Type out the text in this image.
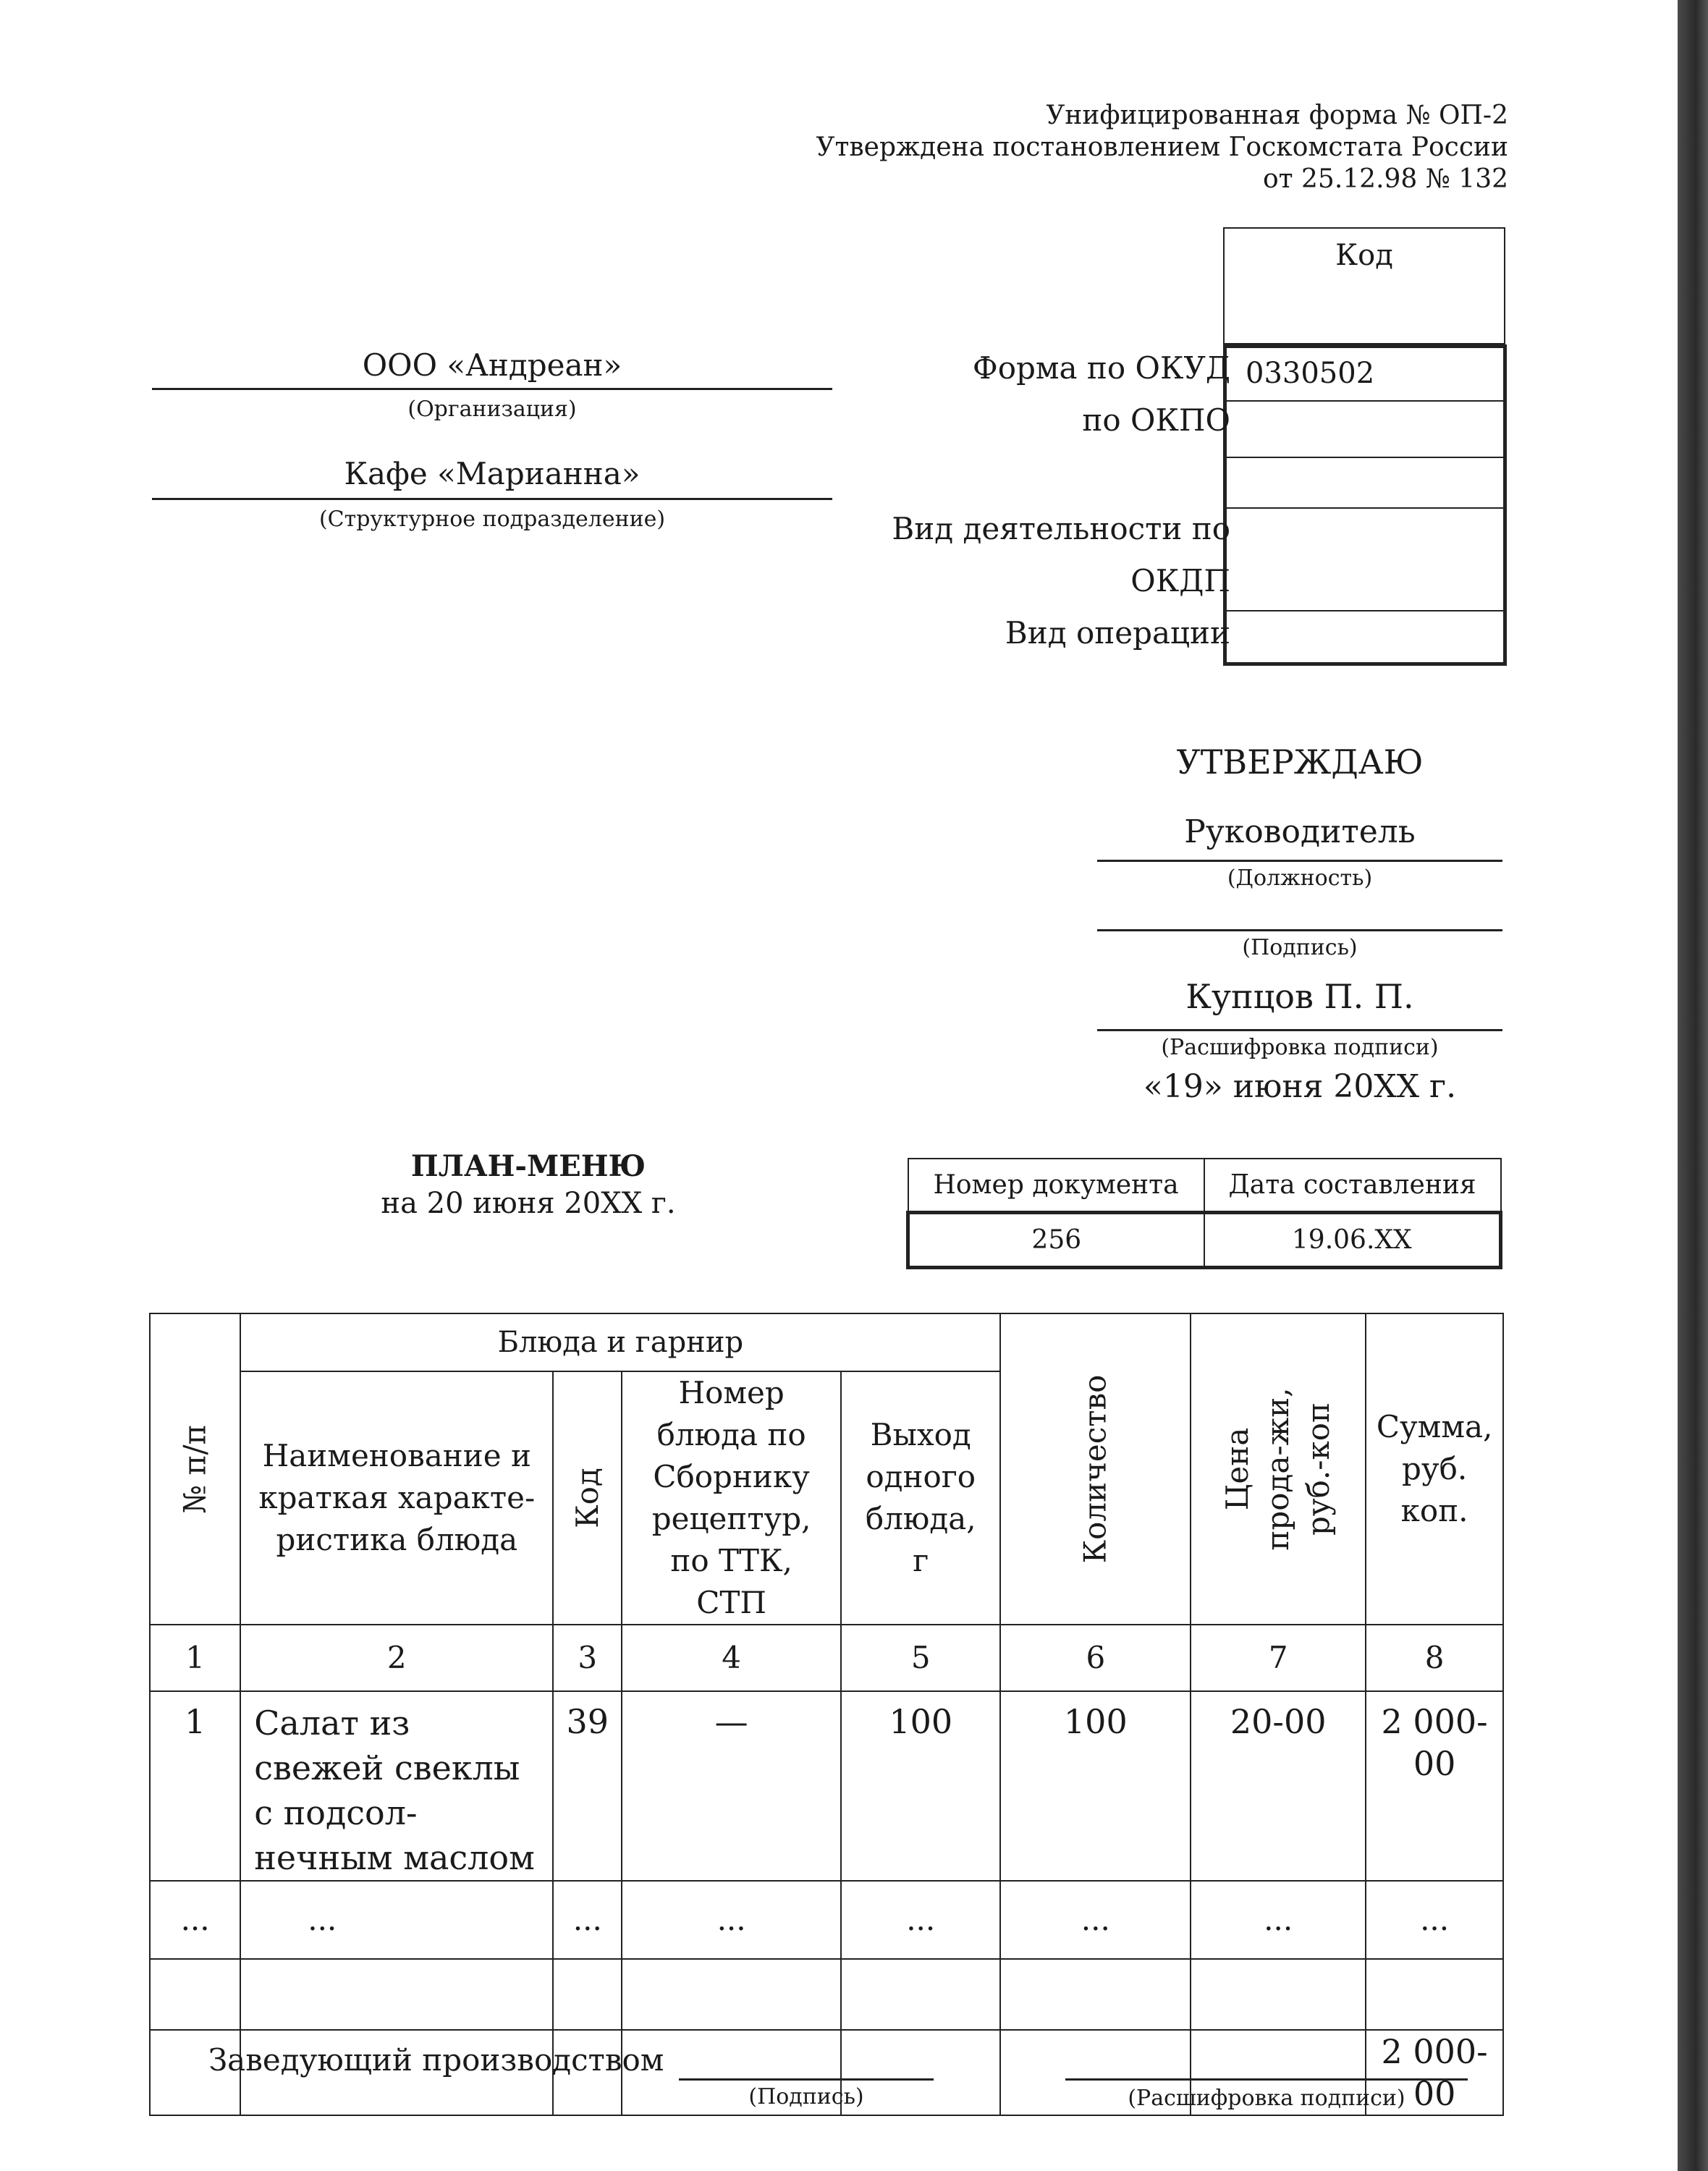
Унифицированная форма № ОП-2
Утверждена постановлением Госкомстата России
от 25.12.98 № 132
Код
0330502
Форма по ОКУД
по ОКПО
Вид деятельности по
ОКДП
Вид операции
ООО «Андреан»
(Организация)
Кафе «Марианна»
(Структурное подразделение)
УТВЕРЖДАЮ
Руководитель
(Должность)
(Подпись)
Купцов П. П.
(Расшифровка подписи)
«19» июня 20ХХ г.
ПЛАН-МЕНЮ
на 20 июня 20ХХ г.
Номер документа	Дата составления
256	19.06.ХХ
№ п/п	Блюда и гарнир				Количество	Цена прода-жи, руб.-коп	Сумма, руб. коп.
	Наименование и краткая характе-ристика блюда	Код	Номер блюда по Сборнику рецептур, по ТТК, СТП	Выход одного блюда, г			
1	2	3	4	5	6	7	8
1	Салат из свежей свеклы с подсол-нечным маслом	39	—	100	100	20-00	2 000-00
...	...	...	...	...	...	...	...

							2 000-00
Заведующий производством
(Подпись)	(Расшифровка подписи)
